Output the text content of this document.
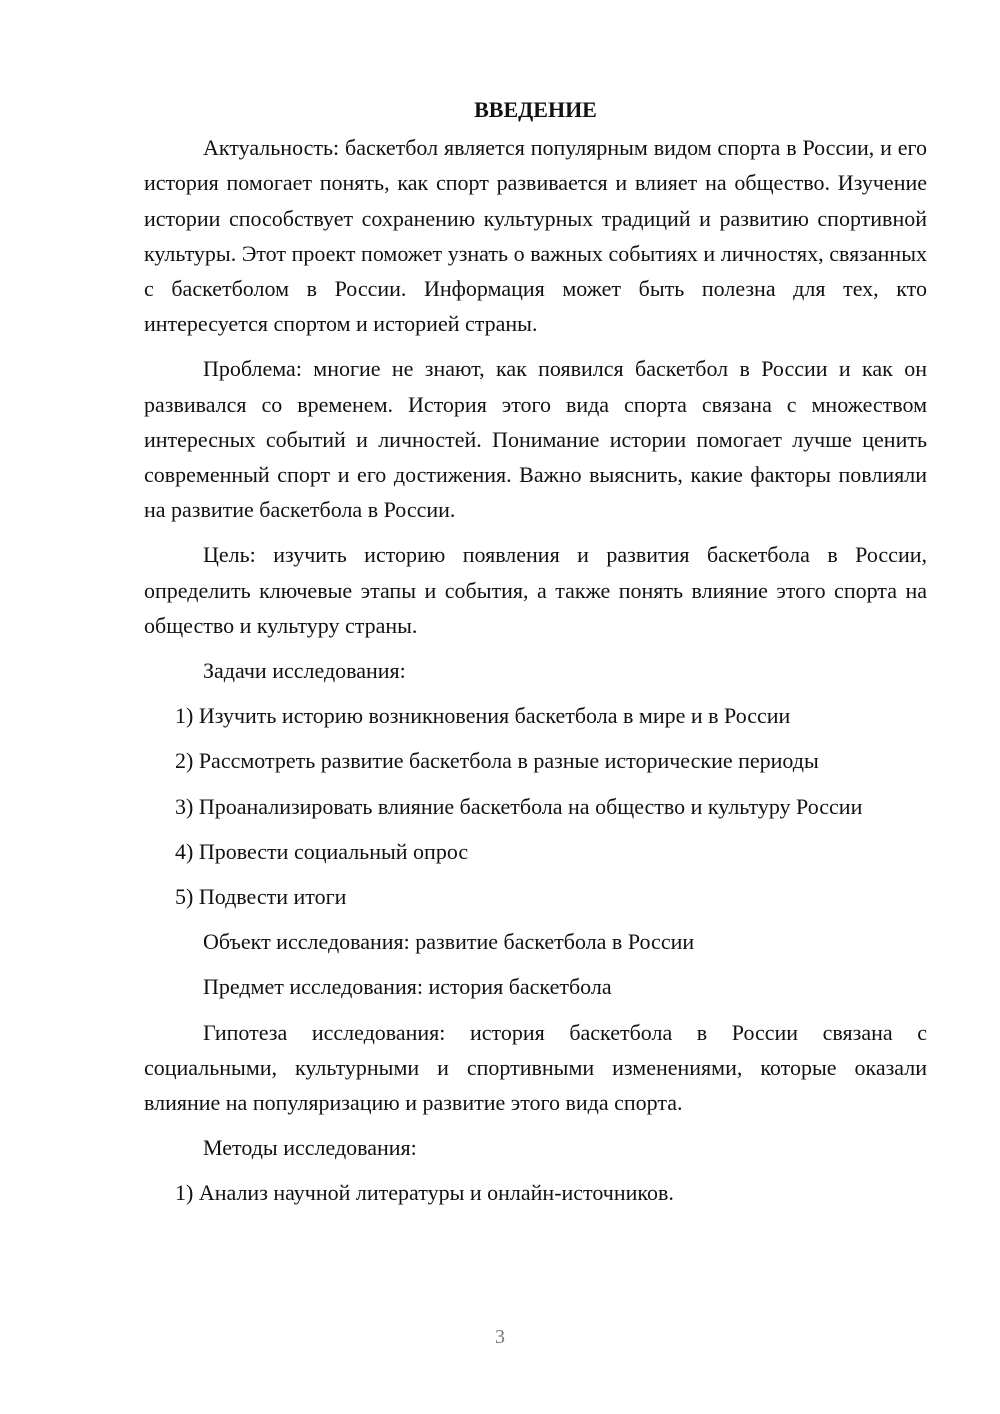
ВВЕДЕНИЕ

Актуальность: баскетбол является популярным видом спорта в России, и его история помогает понять, как спорт развивается и влияет на общество. Изучение истории способствует сохранению культурных традиций и развитию спортивной культуры. Этот проект поможет узнать о важных событиях и личностях, связанных с баскетболом в России. Информация может быть полезна для тех, кто интересуется спортом и историей страны.

Проблема: многие не знают, как появился баскетбол в России и как он развивался со временем. История этого вида спорта связана с множеством интересных событий и личностей. Понимание истории помогает лучше ценить современный спорт и его достижения. Важно выяснить, какие факторы повлияли на развитие баскетбола в России.

Цель: изучить историю появления и развития баскетбола в России, определить ключевые этапы и события, а также понять влияние этого спорта на общество и культуру страны.

Задачи исследования:

1) Изучить историю возникновения баскетбола в мире и в России

2) Рассмотреть развитие баскетбола в разные исторические периоды

3) Проанализировать влияние баскетбола на общество и культуру России

4) Провести социальный опрос

5) Подвести итоги

Объект исследования: развитие баскетбола в России

Предмет исследования: история баскетбола

Гипотеза исследования: история баскетбола в России связана с социальными, культурными и спортивными изменениями, которые оказали влияние на популяризацию и развитие этого вида спорта.

Методы исследования:

1) Анализ научной литературы и онлайн-источников.

3
